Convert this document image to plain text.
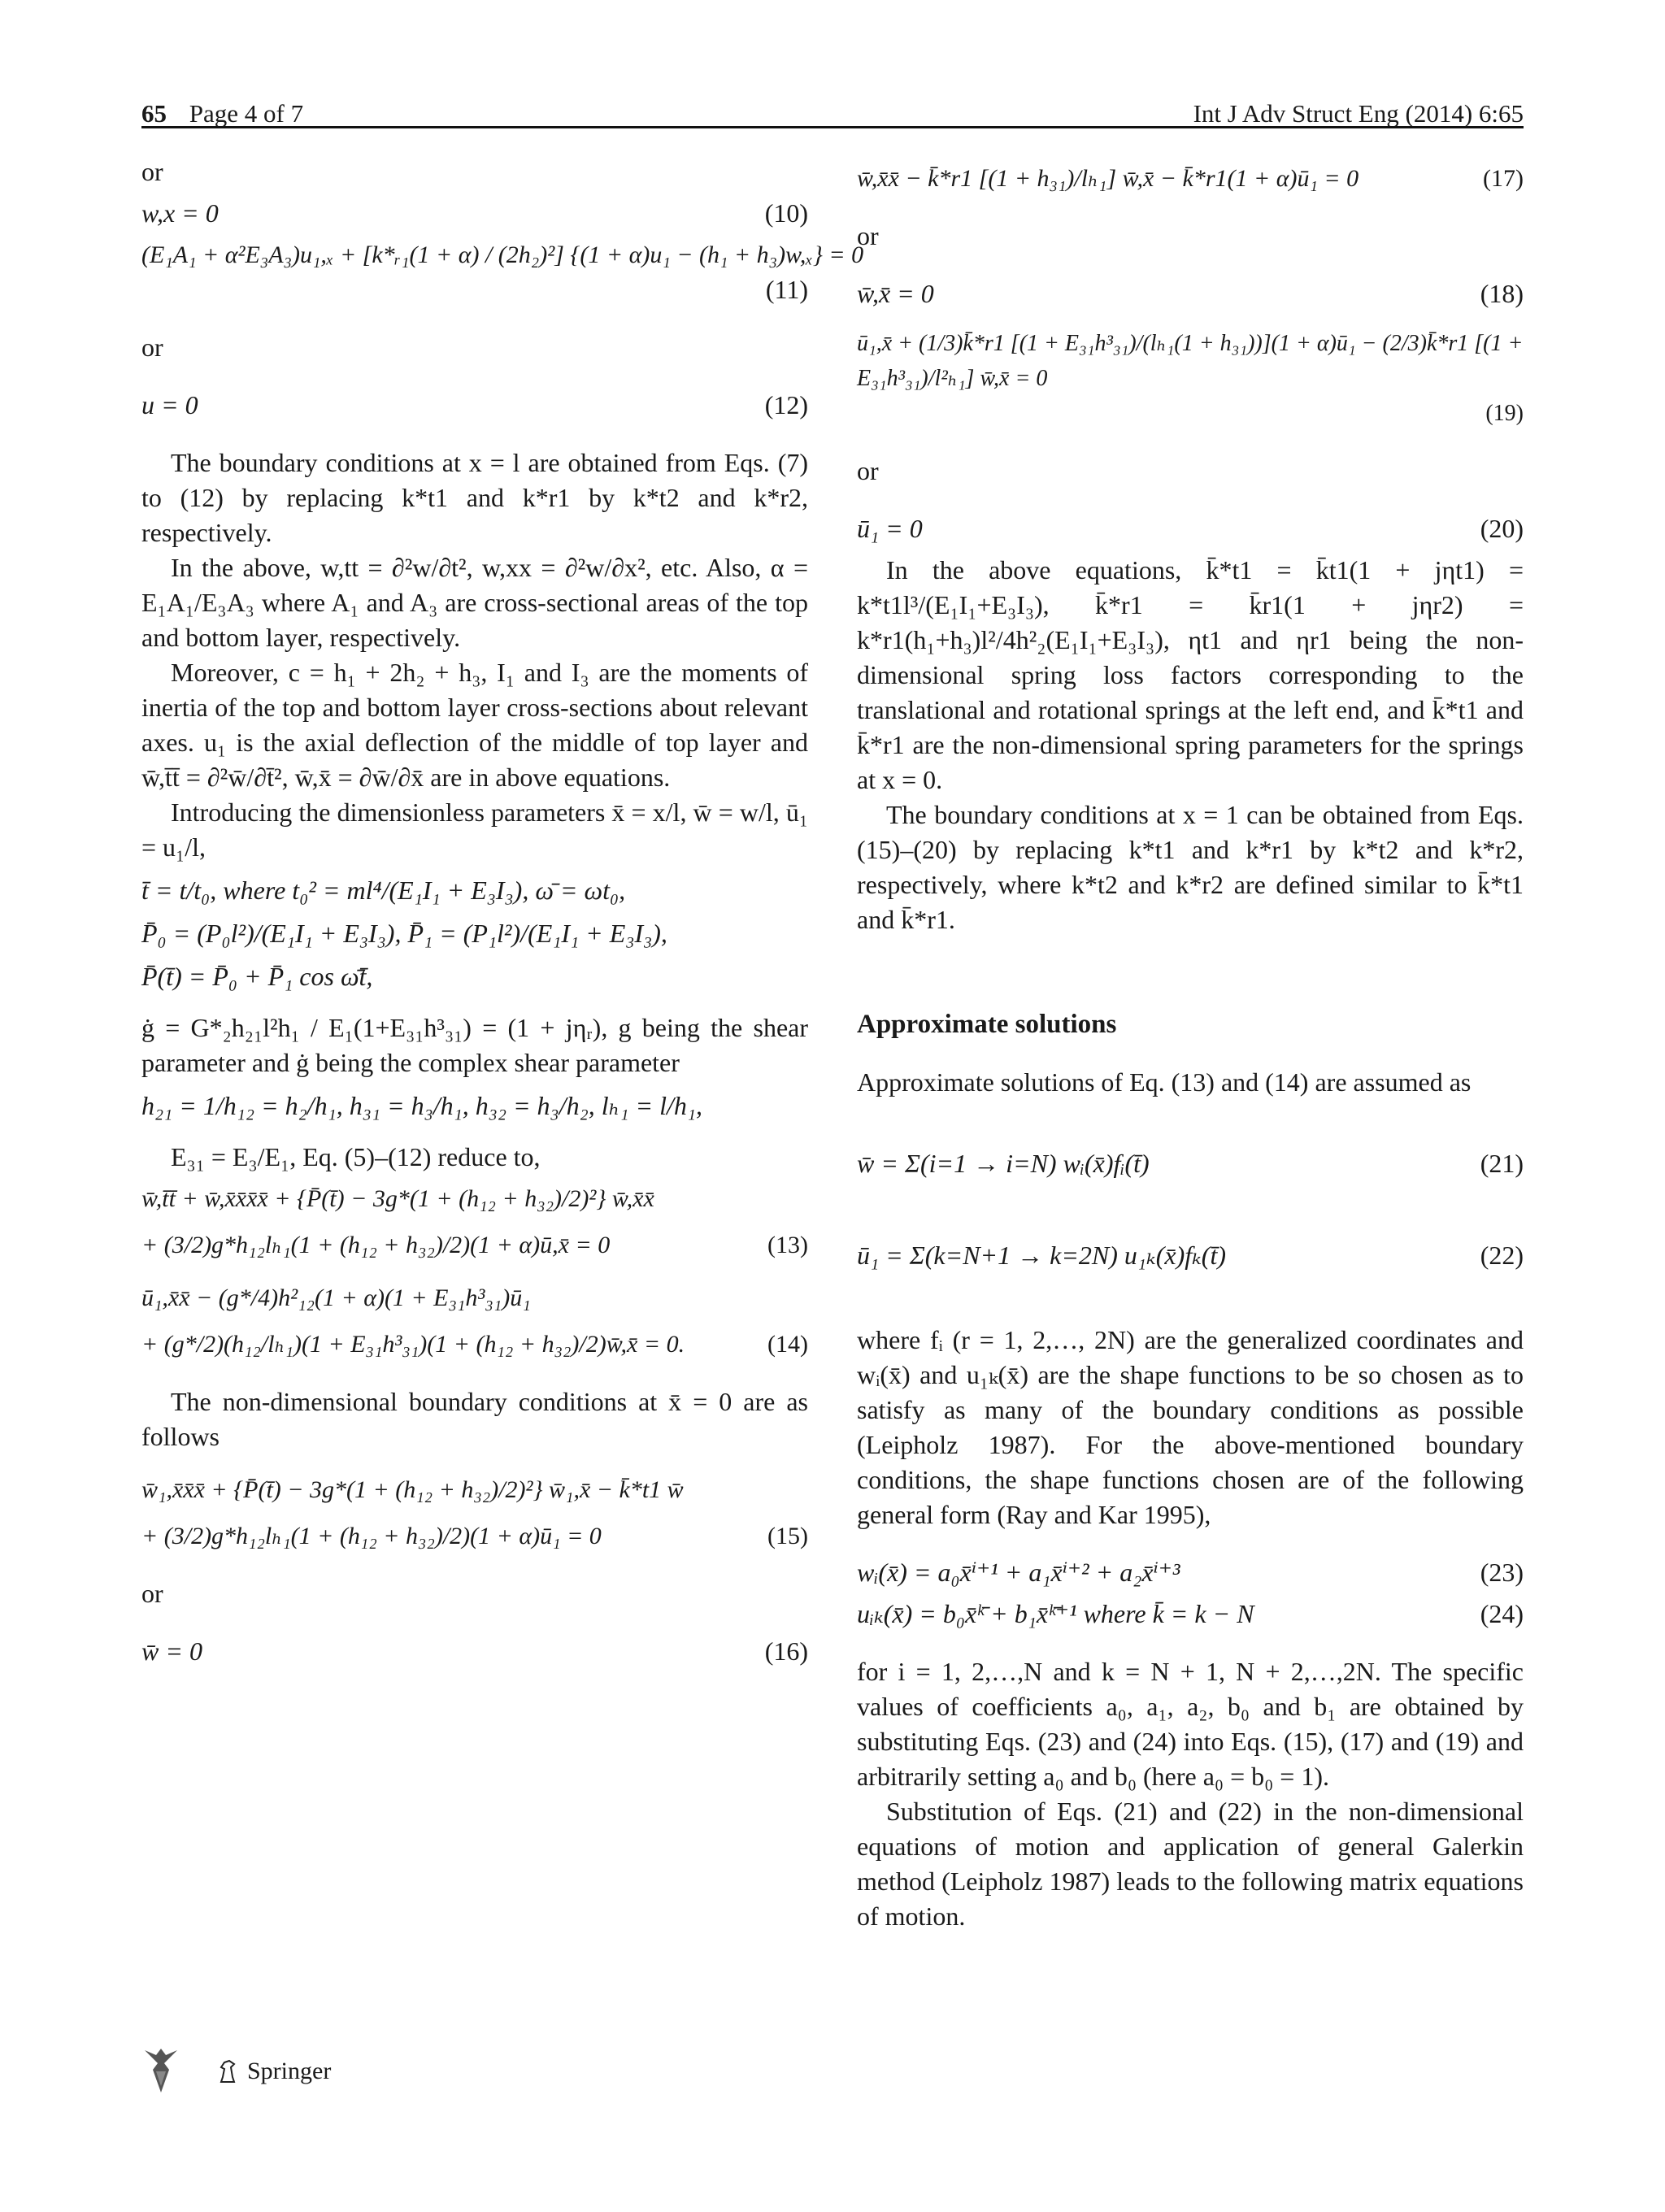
65 Page 4 of 7	Int J Adv Struct Eng (2014) 6:65

or

w,x = 0	(10)
(E₁A₁ + α²E₃A₃)u₁,ₓ + [k*ᵣ₁(1 + α) / (2h₂)²] {(1 + α)u₁ − (h₁ + h₃)w,ₓ} = 0
(11)

or

u = 0	(12)

The boundary conditions at x = l are obtained from Eqs. (7) to (12) by replacing k*t1 and k*r1 by k*t2 and k*r2, respectively.

In the above, w,tt = ∂²w/∂t², w,xx = ∂²w/∂x², etc. Also, α = E₁A₁/E₃A₃ where A₁ and A₃ are cross-sectional areas of the top and bottom layer, respectively.

Moreover, c = h₁ + 2h₂ + h₃, I₁ and I₃ are the moments of inertia of the top and bottom layer cross-sections about relevant axes. u₁ is the axial deflection of the middle of top layer and w̄,t̄t̄ = ∂²w̄/∂t̄², w̄,x̄ = ∂w̄/∂x̄ are in above equations.

Introducing the dimensionless parameters x̄ = x/l, w̄ = w/l, ū₁ = u₁/l,

t̄ = t/t₀, where t₀² = ml⁴/(E₁I₁ + E₃I₃), ω̄ = ωt₀,

P̄₀ = (P₀l²)/(E₁I₁ + E₃I₃), P̄₁ = (P₁l²)/(E₁I₁ + E₃I₃),

P̄(t̄) = P̄₀ + P̄₁ cos ω̄t̄,

ġ = G*₂h₂₁l²h₁ / E₁(1+E₃₁h³₃₁) = (1 + jηᵣ), g being the shear parameter and ġ being the complex shear parameter

h₂₁ = 1/h₁₂ = h₂/h₁, h₃₁ = h₃/h₁, h₃₂ = h₃/h₂, lₕ₁ = l/h₁,

E₃₁ = E₃/E₁, Eq. (5)–(12) reduce to,

w̄,t̄t̄ + w̄,x̄x̄x̄x̄ + {P̄(t̄) − 3g*(1 + (h₁₂ + h₃₂)/2)²} w̄,x̄x̄
+ (3/2)g*h₁₂lₕ₁(1 + (h₁₂ + h₃₂)/2)(1 + α)ū,x̄ = 0	(13)
ū₁,x̄x̄ − (g*/4)h²₁₂(1 + α)(1 + E₃₁h³₃₁)ū₁
+ (g*/2)(h₁₂/lₕ₁)(1 + E₃₁h³₃₁)(1 + (h₁₂ + h₃₂)/2)w̄,x̄ = 0.	(14)

The non-dimensional boundary conditions at x̄ = 0 are as follows

w̄₁,x̄x̄x̄ + {P̄(t̄) − 3g*(1 + (h₁₂ + h₃₂)/2)²} w̄₁,x̄ − k̄*t1 w̄
+ (3/2)g*h₁₂lₕ₁(1 + (h₁₂ + h₃₂)/2)(1 + α)ū₁ = 0	(15)

or

w̄ = 0	(16)
w̄,x̄x̄ − k̄*r1 [(1 + h₃₁)/lₕ₁] w̄,x̄ − k̄*r1(1 + α)ū₁ = 0	(17)

or

w̄,x̄ = 0	(18)
ū₁,x̄ + (1/3)k̄*r1 [(1 + E₃₁h³₃₁)/(lₕ₁(1 + h₃₁))](1 + α)ū₁ − (2/3)k̄*r1 [(1 + E₃₁h³₃₁)/l²ₕ₁] w̄,x̄ = 0
(19)

or

ū₁ = 0	(20)

In the above equations, k̄*t1 = k̄t1(1 + jηt1) = k*t1l³/(E₁I₁+E₃I₃), k̄*r1 = k̄r1(1 + jηr2) = k*r1(h₁+h₃)l²/4h²₂(E₁I₁+E₃I₃), ηt1 and ηr1 being the non-dimensional spring loss factors corresponding to the translational and rotational springs at the left end, and k̄*t1 and k̄*r1 are the non-dimensional spring parameters for the springs at x = 0.

The boundary conditions at x = 1 can be obtained from Eqs. (15)–(20) by replacing k*t1 and k*r1 by k*t2 and k*r2, respectively, where k*t2 and k*r2 are defined similar to k̄*t1 and k̄*r1.

Approximate solutions

Approximate solutions of Eq. (13) and (14) are assumed as

w̄ = Σ(i=1 → i=N) wᵢ(x̄)fᵢ(t̄)	(21)
ū₁ = Σ(k=N+1 → k=2N) u₁ₖ(x̄)fₖ(t̄)	(22)

where fᵢ (r = 1, 2,…, 2N) are the generalized coordinates and wᵢ(x̄) and u₁ₖ(x̄) are the shape functions to be so chosen as to satisfy as many of the boundary conditions as possible (Leipholz 1987). For the above-mentioned boundary conditions, the shape functions chosen are of the following general form (Ray and Kar 1995),

wᵢ(x̄) = a₀x̄ⁱ⁺¹ + a₁x̄ⁱ⁺² + a₂x̄ⁱ⁺³	(23)
uᵢₖ(x̄) = b₀x̄ᵏ̄ + b₁x̄ᵏ̄⁺¹ where k̄ = k − N	(24)

for i = 1, 2,…,N and k = N + 1, N + 2,…,2N. The specific values of coefficients a₀, a₁, a₂, b₀ and b₁ are obtained by substituting Eqs. (23) and (24) into Eqs. (15), (17) and (19) and arbitrarily setting a₀ and b₀ (here a₀ = b₀ = 1).

Substitution of Eqs. (21) and (22) in the non-dimensional equations of motion and application of general Galerkin method (Leipholz 1987) leads to the following matrix equations of motion.

Springer
